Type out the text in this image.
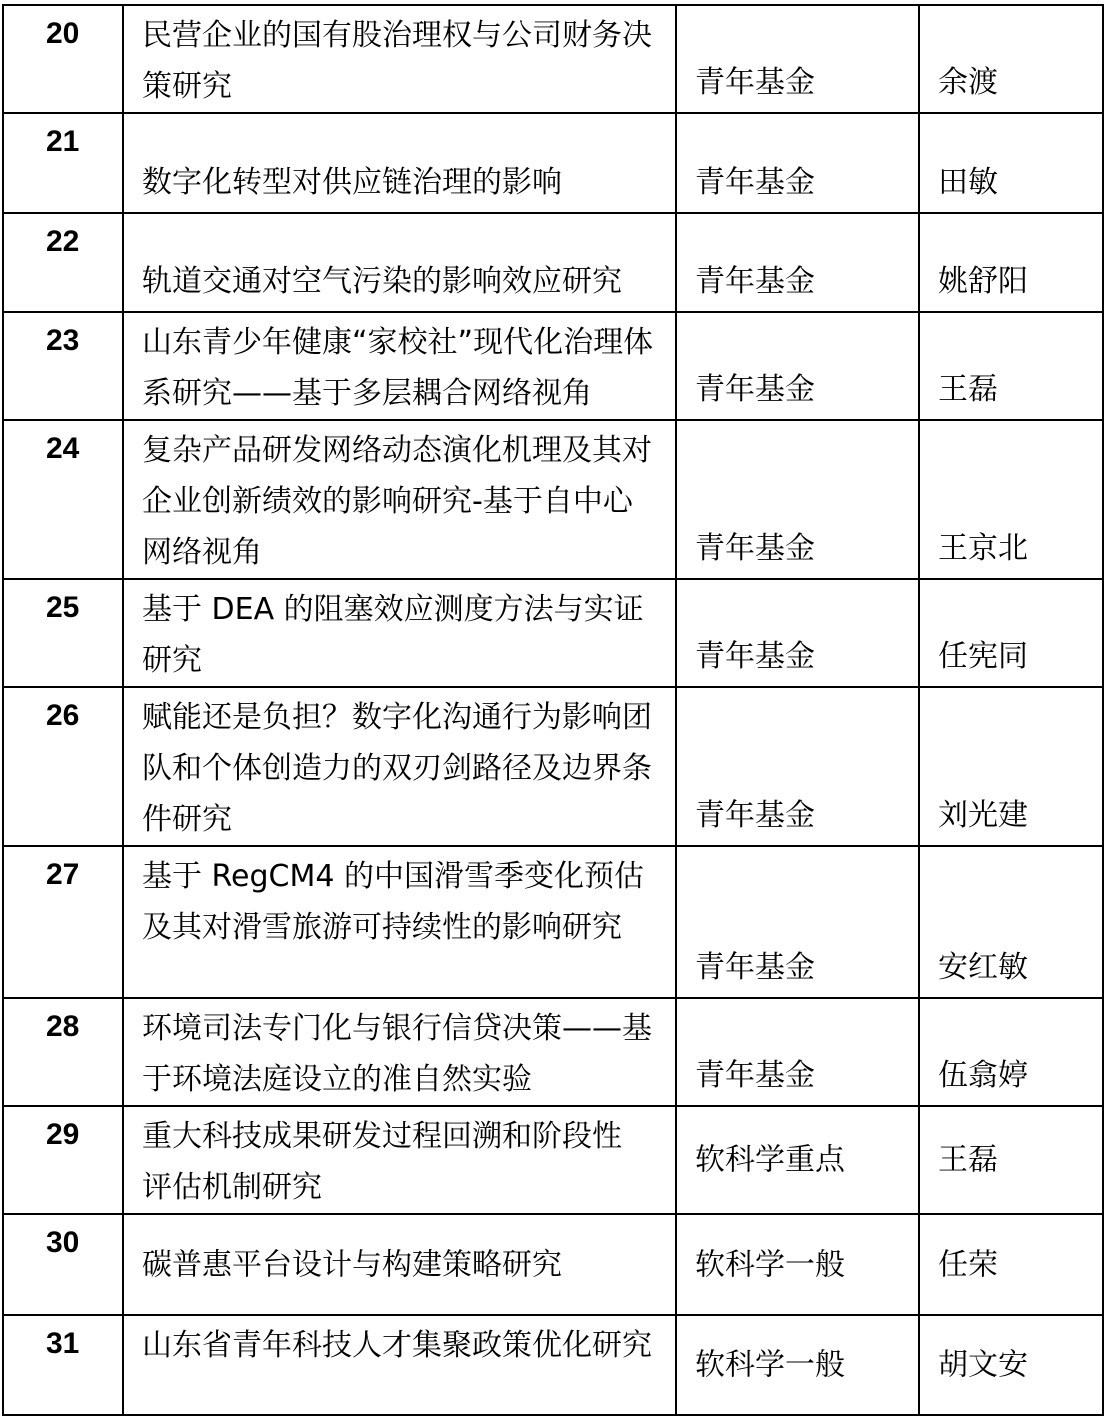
20	民营企业的国有股治理权与公司财务决策研究	青年基金	余渡

21	数字化转型对供应链治理的影响	青年基金	田敏

22	轨道交通对空气污染的影响效应研究	青年基金	姚舒阳

23	山东青少年健康“家校社”现代化治理体系研究——基于多层耦合网络视角	青年基金	王磊

24	复杂产品研发网络动态演化机理及其对企业创新绩效的影响研究-基于自中心网络视角	青年基金	王京北

25	基于 DEA 的阻塞效应测度方法与实证研究	青年基金	任宪同

26	赋能还是负担？数字化沟通行为影响团队和个体创造力的双刃剑路径及边界条件研究	青年基金	刘光建

27	基于 RegCM4 的中国滑雪季变化预估及其对滑雪旅游可持续性的影响研究	青年基金	安红敏

28	环境司法专门化与银行信贷决策——基于环境法庭设立的准自然实验	青年基金	伍翕婷

29	重大科技成果研发过程回溯和阶段性评估机制研究	软科学重点	王磊

30	碳普惠平台设计与构建策略研究	软科学一般	任荣

31	山东省青年科技人才集聚政策优化研究	软科学一般	胡文安
